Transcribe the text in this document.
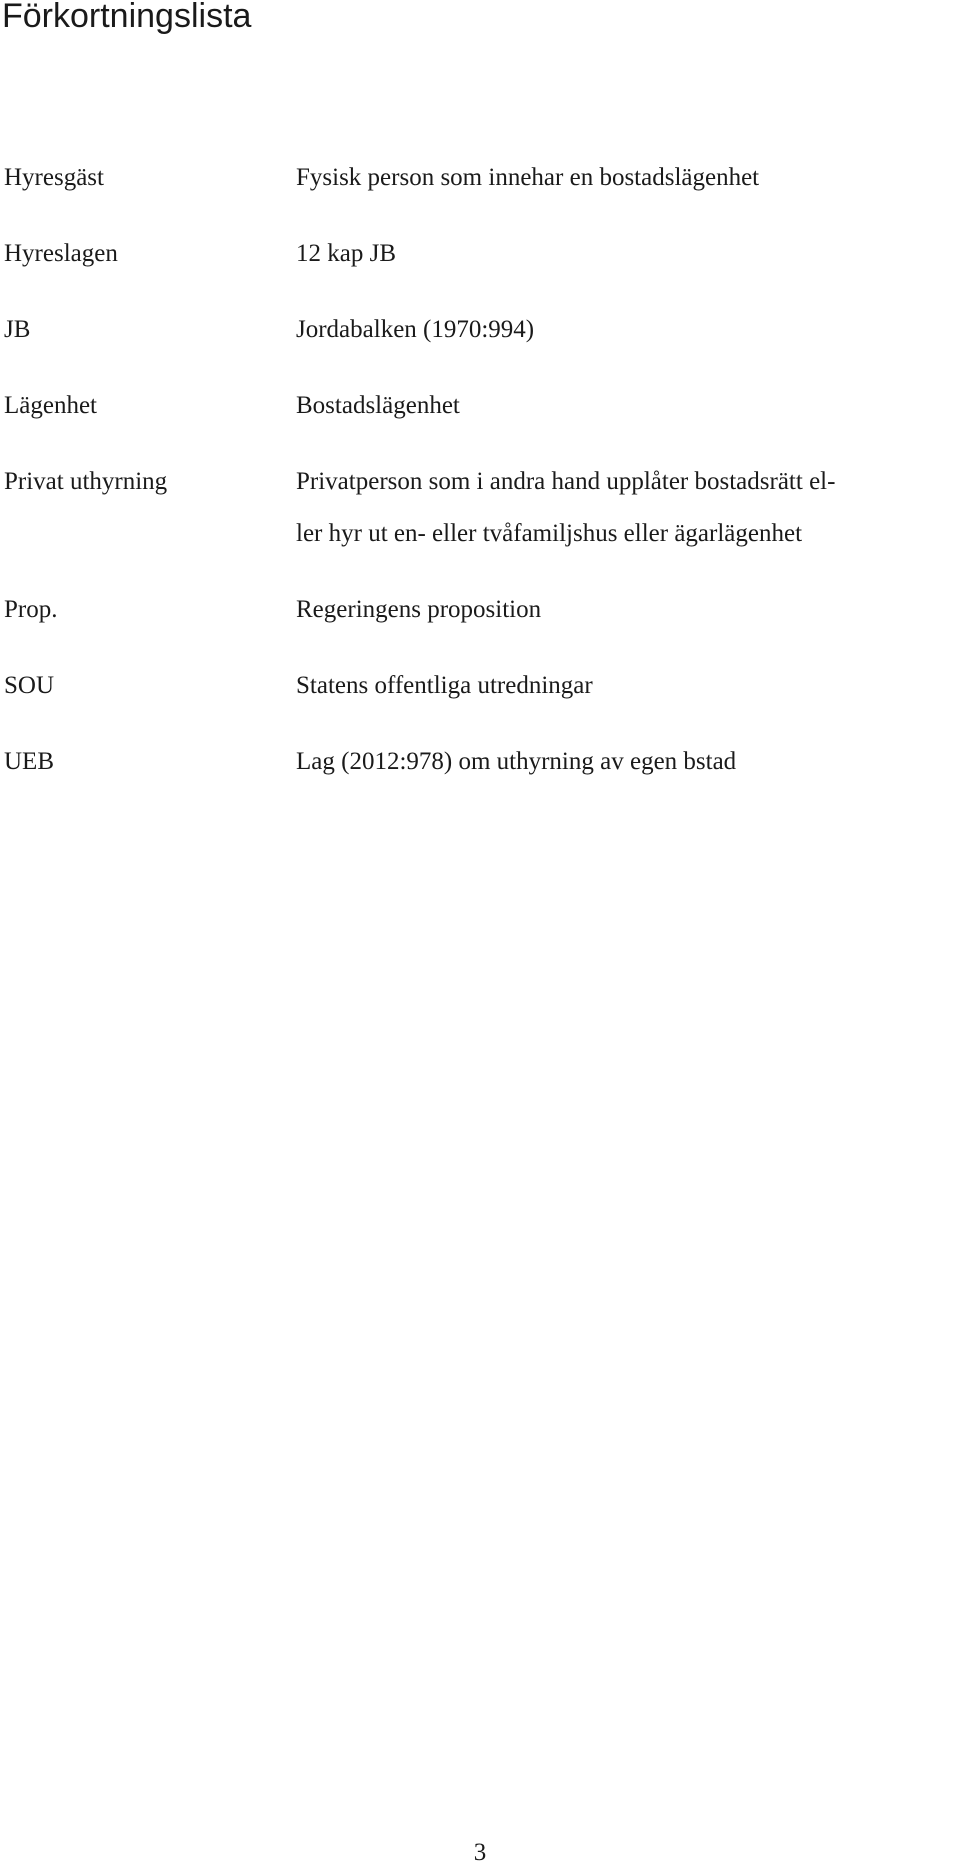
Förkortningslista
Hyresgäst	Fysisk person som innehar en bostadslägenhet
Hyreslagen	12 kap JB
JB	Jordabalken (1970:994)
Lägenhet	Bostadslägenhet
Privat uthyrning	Privatperson som i andra hand upplåter bostadsrätt el-
ler hyr ut en- eller tvåfamiljshus eller ägarlägenhet
Prop.	Regeringens proposition
SOU	Statens offentliga utredningar
UEB	Lag (2012:978) om uthyrning av egen bstad
3
